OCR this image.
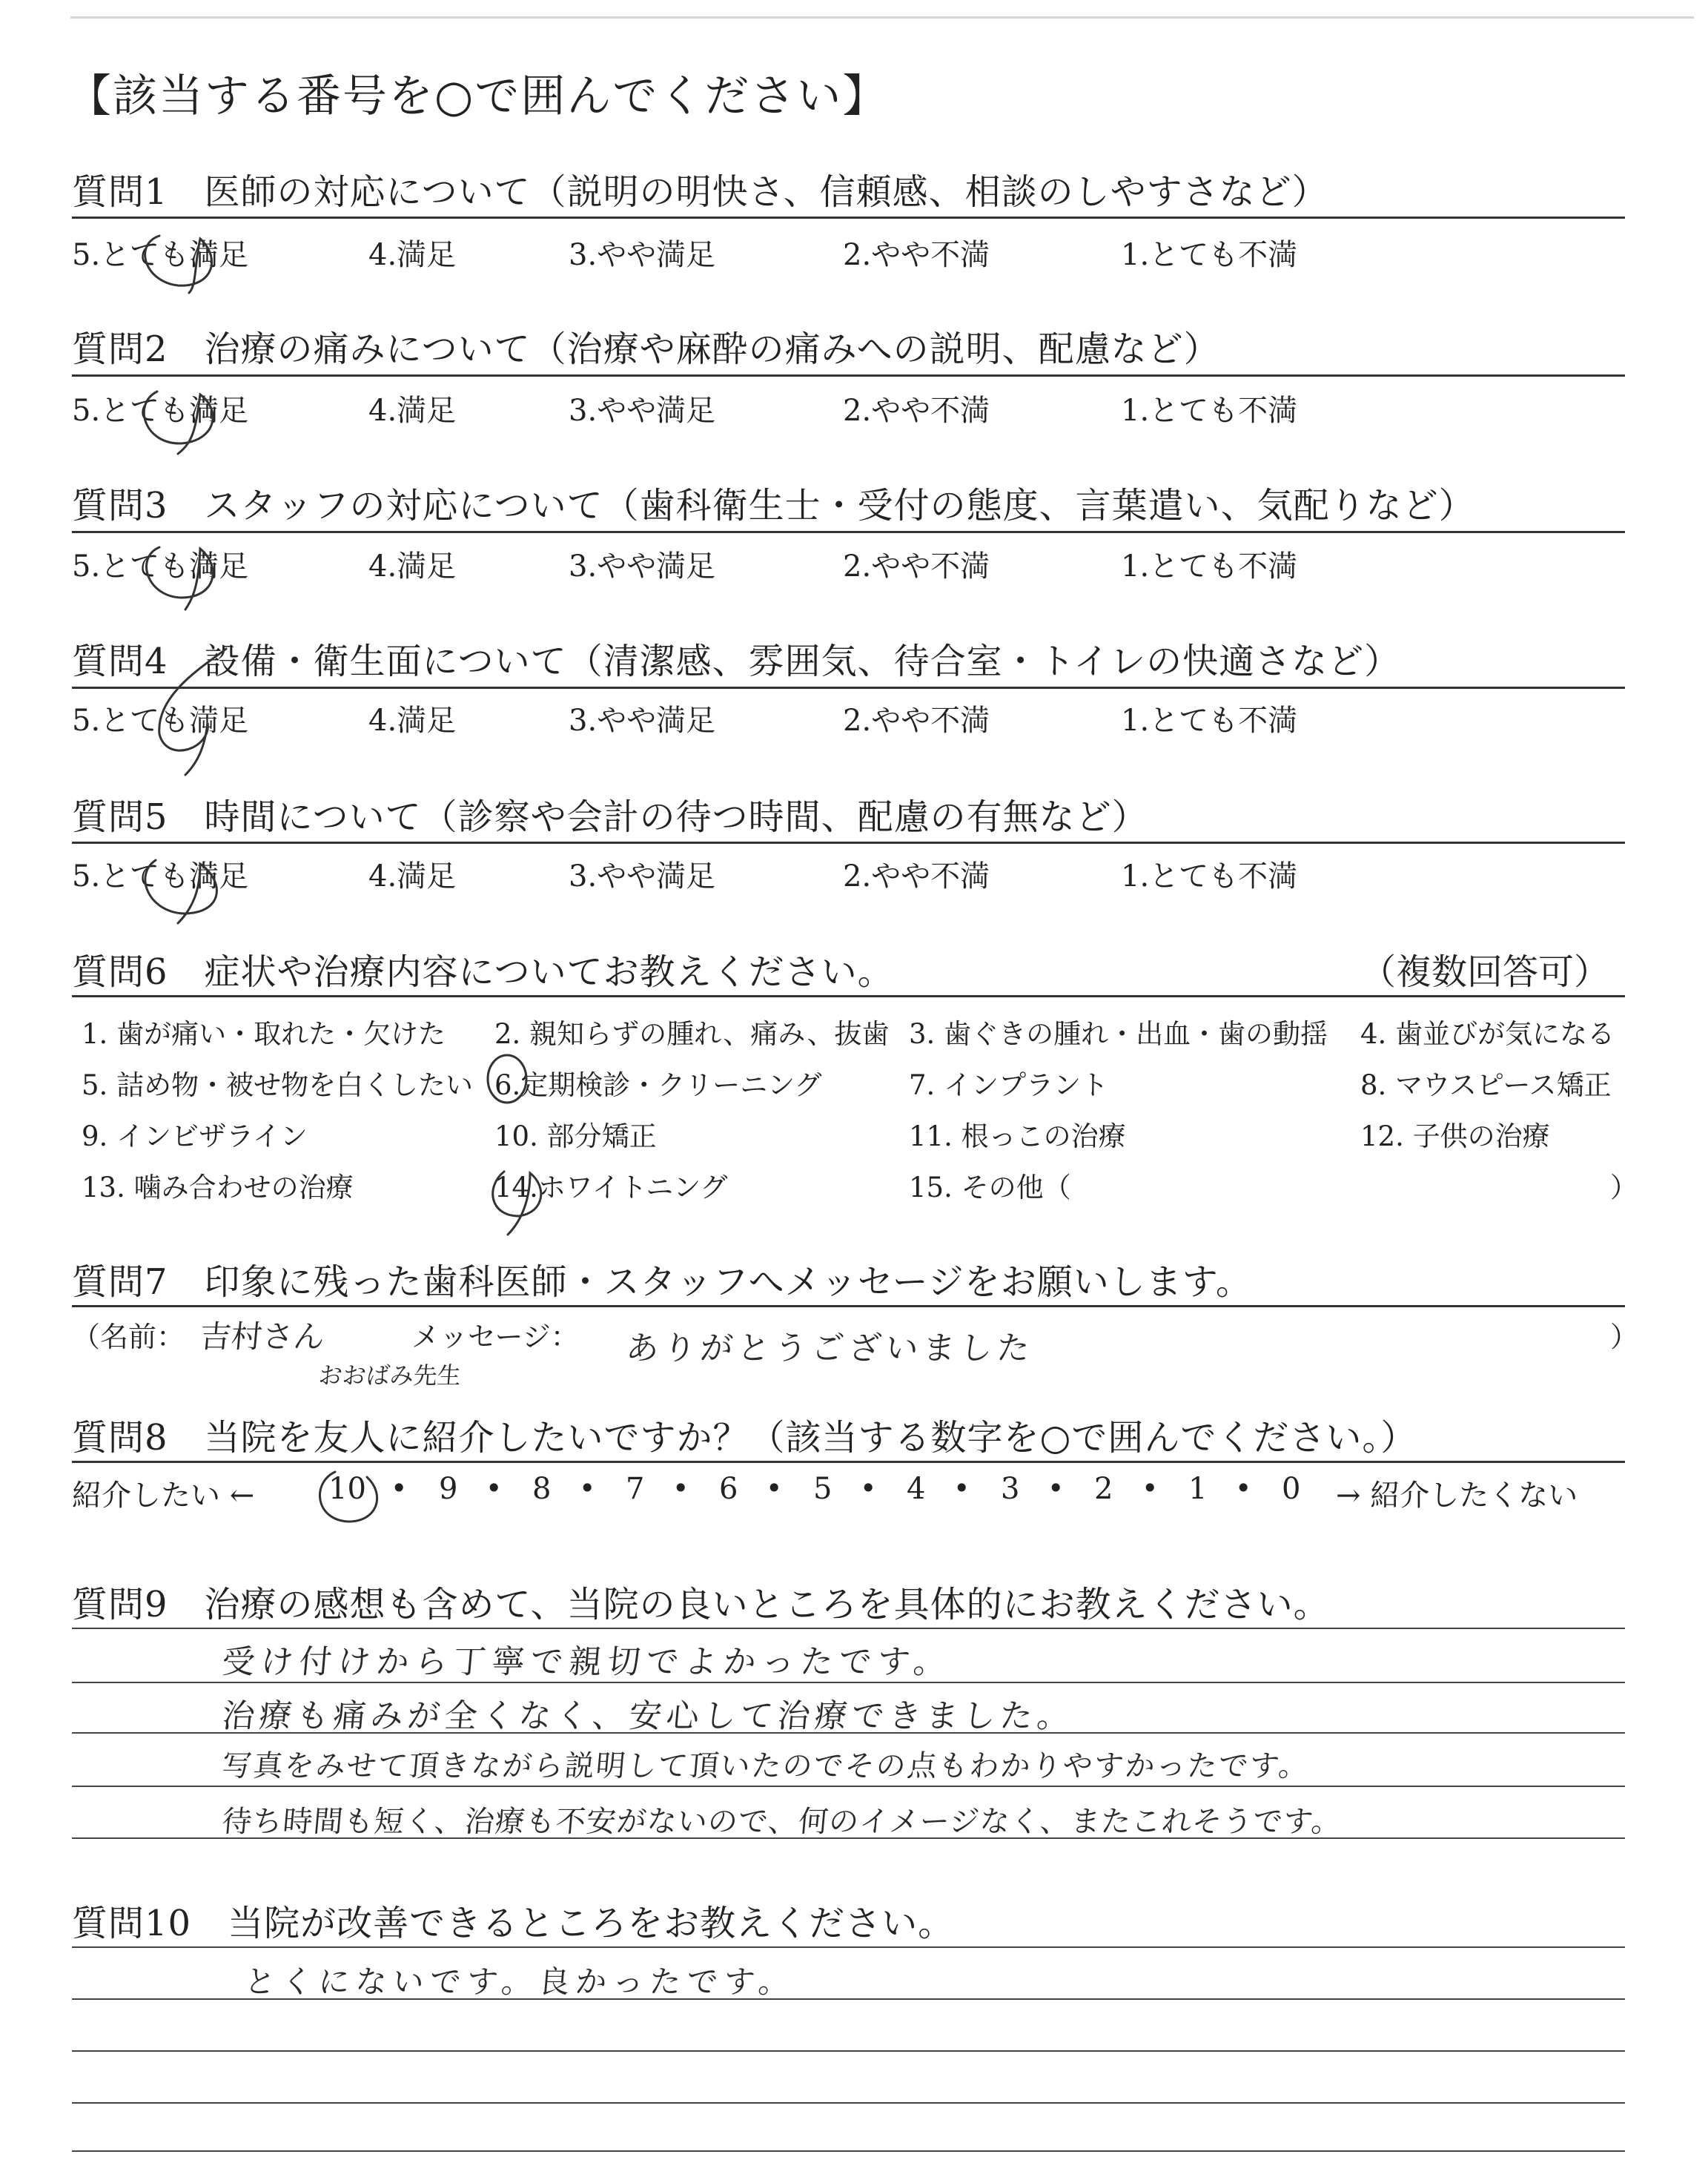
【該当する番号を○で囲んでください】
質問1　医師の対応について（説明の明快さ、信頼感、相談のしやすさなど）
5.とても満足	4.満足	3.やや満足	2.やや不満	1.とても不満
質問2　治療の痛みについて（治療や麻酔の痛みへの説明、配慮など）
5.とても満足	4.満足	3.やや満足	2.やや不満	1.とても不満
質問3　スタッフの対応について（歯科衛生士・受付の態度、言葉遣い、気配りなど）
5.とても満足	4.満足	3.やや満足	2.やや不満	1.とても不満
質問4　設備・衛生面について（清潔感、雰囲気、待合室・トイレの快適さなど）
5.とても満足	4.満足	3.やや満足	2.やや不満	1.とても不満
質問5　時間について（診察や会計の待つ時間、配慮の有無など）
5.とても満足	4.満足	3.やや満足	2.やや不満	1.とても不満
質問6　症状や治療内容についてお教えください。	（複数回答可）
1. 歯が痛い・取れた・欠けた 2. 親知らずの腫れ、痛み、抜歯 3. 歯ぐきの腫れ・出血・歯の動揺 4. 歯並びが気になる
5. 詰め物・被せ物を白くしたい 6.定期検診・クリーニング	7. インプラント	8. マウスピース矯正
9. インビザライン	10. 部分矯正	11. 根っこの治療	12. 子供の治療
13. 噛み合わせの治療	14.ホワイトニング	15. その他（	）
質問7　印象に残った歯科医師・スタッフへメッセージをお願いします。
（名前： 吉村さん
おおばみ先生
メッセージ： ありがとうございました	）
質問8　当院を友人に紹介したいですか？（該当する数字を○で囲んでください。）
紹介したい ← 10 • 9 • 8 • 7 • 6 • 5 • 4 • 3 • 2 • 1 • 0 → 紹介したくない
質問9　治療の感想も含めて、当院の良いところを具体的にお教えください。
受け付けから丁寧で親切でよかったです。
治療も痛みが全くなく、安心して治療できました。
写真をみせて頂きながら説明して頂いたのでその点もわかりやすかったです。
待ち時間も短く、治療も不安がないので、何のイメージなく、またこれそうです。
質問10　当院が改善できるところをお教えください。
とくにないです。良かったです。
